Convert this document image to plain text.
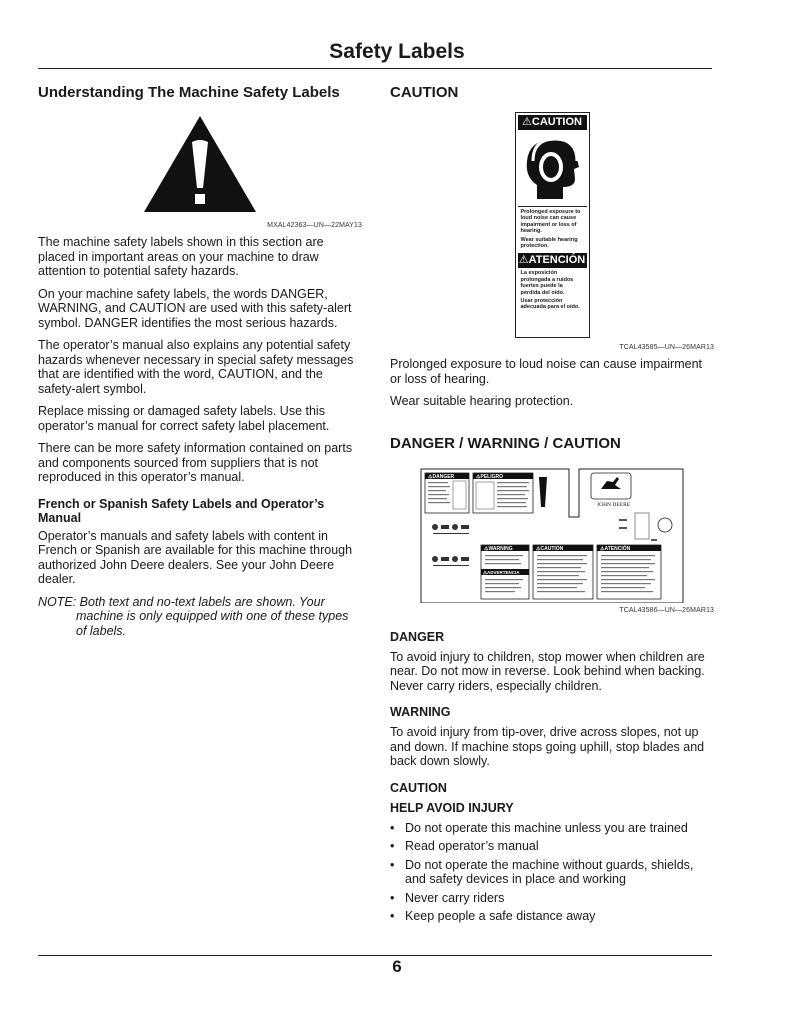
Safety Labels
Understanding The Machine Safety Labels
MXAL42363—UN—22MAY13

The machine safety labels shown in this section are placed in important areas on your machine to draw attention to potential safety hazards.

On your machine safety labels, the words DANGER, WARNING, and CAUTION are used with this safety-alert symbol. DANGER identifies the most serious hazards.

The operator’s manual also explains any potential safety hazards whenever necessary in special safety messages that are identified with the word, CAUTION, and the safety-alert symbol.

Replace missing or damaged safety labels. Use this operator’s manual for correct safety label placement.

There can be more safety information contained on parts and components sourced from suppliers that is not reproduced in this operator’s manual.

French or Spanish Safety Labels and Operator’s Manual

Operator’s manuals and safety labels with content in French or Spanish are available for this machine through authorized John Deere dealers. See your John Deere dealer.

NOTE: Both text and no-text labels are shown. Your machine is only equipped with one of these types of labels.

CAUTION
⚠CAUTION

Prolonged exposure to loud noise can cause impairment or loss of hearing.

Wear suitable hearing protection.

⚠ATENCIÓN

La exposición prolongada a ruidos fuertes puede la pérdida del oído.

Usar protección adecuada para el oído.

TCAL43585—UN—26MAR13

Prolonged exposure to loud noise can cause impairment or loss of hearing.

Wear suitable hearing protection.

DANGER / WARNING / CAUTION
⚠DANGER	⚠PELIGRO
JOHN DEERE
⚠WARNING
⚠ADVERTENCIA
⚠CAUTION	⚠ATENCIÓN
TCAL43586—UN—26MAR13
DANGER

To avoid injury to children, stop mower when children are near. Do not mow in reverse. Look behind when backing. Never carry riders, especially children.

WARNING

To avoid injury from tip-over, drive across slopes, not up and down. If machine stops going uphill, stop blades and back down slowly.

CAUTION
HELP AVOID INJURY
• Do not operate this machine unless you are trained
• Read operator’s manual
• Do not operate the machine without guards, shields, and safety devices in place and working
• Never carry riders
• Keep people a safe distance away
6
